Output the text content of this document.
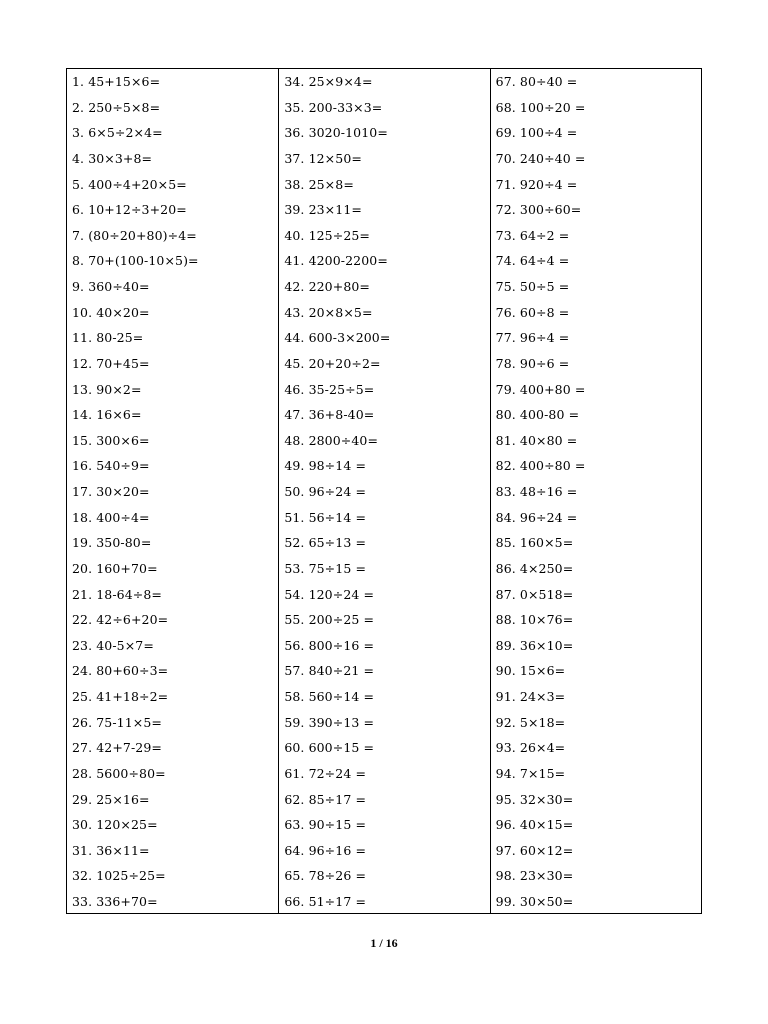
1. 45+15×6=
2. 250÷5×8=
3. 6×5÷2×4=
4. 30×3+8=
5. 400÷4+20×5=
6. 10+12÷3+20=
7. (80÷20+80)÷4=
8. 70+(100-10×5)=
9. 360÷40=
10. 40×20=
11. 80-25=
12. 70+45=
13. 90×2=
14. 16×6=
15. 300×6=
16. 540÷9=
17. 30×20=
18. 400÷4=
19. 350-80=
20. 160+70=
21. 18-64÷8=
22. 42÷6+20=
23. 40-5×7=
24. 80+60÷3=
25. 41+18÷2=
26. 75-11×5=
27. 42+7-29=
28. 5600÷80=
29. 25×16=
30. 120×25=
31. 36×11=
32. 1025÷25=
33. 336+70=
34. 25×9×4=
35. 200-33×3=
36. 3020-1010=
37. 12×50=
38. 25×8=
39. 23×11=
40. 125÷25=
41. 4200-2200=
42. 220+80=
43. 20×8×5=
44. 600-3×200=
45. 20+20÷2=
46. 35-25÷5=
47. 36+8-40=
48. 2800÷40=
49. 98÷14 =
50. 96÷24 =
51. 56÷14 =
52. 65÷13 =
53. 75÷15 =
54. 120÷24 =
55. 200÷25 =
56. 800÷16 =
57. 840÷21 =
58. 560÷14 =
59. 390÷13 =
60. 600÷15 =
61. 72÷24 =
62. 85÷17 =
63. 90÷15 =
64. 96÷16 =
65. 78÷26 =
66. 51÷17 =
67. 80÷40 =
68. 100÷20 =
69. 100÷4 =
70. 240÷40 =
71. 920÷4 =
72. 300÷60=
73. 64÷2 =
74. 64÷4 =
75. 50÷5 =
76. 60÷8 =
77. 96÷4 =
78. 90÷6 =
79. 400+80 =
80. 400-80 =
81. 40×80 =
82. 400÷80 =
83. 48÷16 =
84. 96÷24 =
85. 160×5=
86. 4×250=
87. 0×518=
88. 10×76=
89. 36×10=
90. 15×6=
91. 24×3=
92. 5×18=
93. 26×4=
94. 7×15=
95. 32×30=
96. 40×15=
97. 60×12=
98. 23×30=
99. 30×50=
1 / 16
